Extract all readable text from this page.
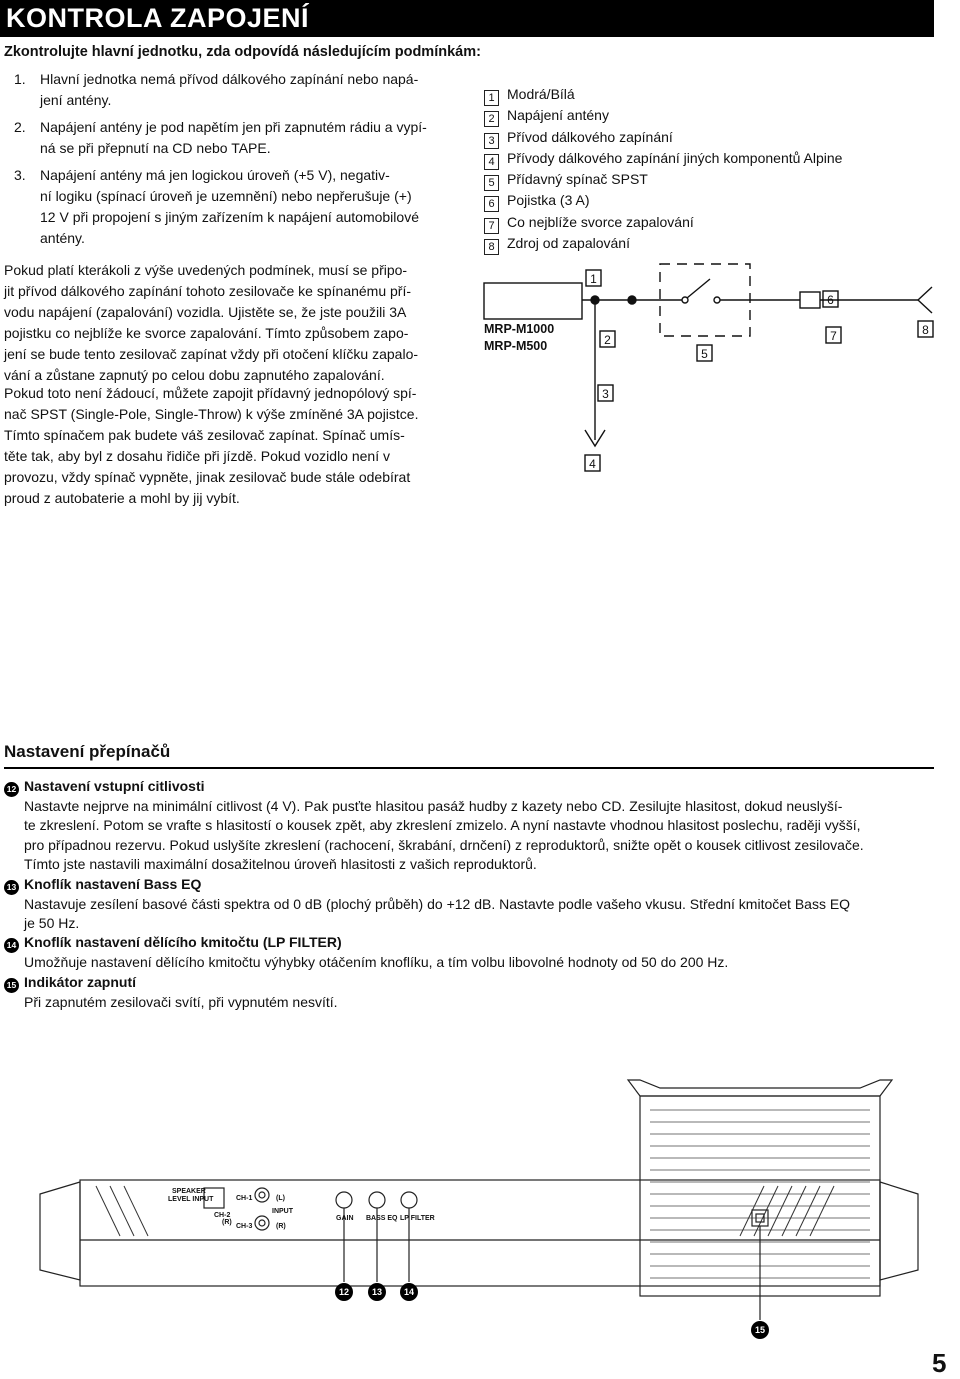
KONTROLA ZAPOJENÍ
Zkontrolujte hlavní jednotku, zda odpovídá následujícím podmínkám:
1. Hlavní jednotka nemá přívod dálkového zapínání nebo napá-
jení antény.
2. Napájení antény je pod napětím jen při zapnutém rádiu a vypí-
ná se při přepnutí na CD nebo TAPE.
3. Napájení antény má jen logickou úroveň (+5 V), negativ-
ní logiku (spínací úroveň je uzemnění) nebo nepřerušuje (+)
12 V při propojení s jiným zařízením k napájení automobilové
antény.
Pokud platí kterákoli z výše uvedených podmínek, musí se připo-
jit přívod dálkového zapínání tohoto zesilovače ke spínanému pří-
vodu napájení (zapalování) vozidla. Ujistěte se, že jste použili 3A
pojistku co nejblíže ke svorce zapalování. Tímto způsobem zapo-
jení se bude tento zesilovač zapínat vždy při otočení klíčku zapalo-
vání a zůstane zapnutý po celou dobu zapnutého zapalování.
Pokud toto není žádoucí, můžete zapojit přídavný jednopólový spí-
nač SPST (Single-Pole, Single-Throw) k výše zmíněné 3A pojistce.
Tímto spínačem pak budete váš zesilovač zapínat. Spínač umís-
těte tak, aby byl z dosahu řidiče při jízdě. Pokud vozidlo není v
provozu, vždy spínač vypněte, jinak zesilovač bude stále odebírat
proud z autobaterie a mohl by jij vybít.
1 Modrá/Bílá
2 Napájení antény
3 Přívod dálkového zapínání
4 Přívody dálkového zapínání jiných komponentů Alpine
5 Přídavný spínač SPST
6 Pojistka (3 A)
7 Co nejblíže svorce zapalování
8 Zdroj od zapalování
1
2
3
4
5
6
7	8
MRP-M1000
MRP-M500
Nastavení přepínačů
12 Nastavení vstupní citlivosti
Nastavte nejprve na minimální citlivost (4 V). Pak pusťte hlasitou pasáž hudby z kazety nebo CD. Zesilujte hlasitost, dokud neuslyší-
te zkreslení. Potom se vrafte s hlasitostí o kousek zpět, aby zkreslení zmizelo. A nyní nastavte vhodnou hlasitost poslechu, raději vyšší,
pro případnou rezervu. Pokud uslyšíte zkreslení (rachocení, škrabání, drnčení) z reproduktorů, snižte opět o kousek citlivost zesilovače.
Tímto jste nastavili maximální dosažitelnou úroveň hlasitosti z vašich reproduktorů.
13 Knoflík nastavení Bass EQ
Nastavuje zesílení basové části spektra od 0 dB (plochý průběh) do +12 dB. Nastavte podle vašeho vkusu. Střední kmitočet Bass EQ
je 50 Hz.
14 Knoflík nastavení dělícího kmitočtu (LP FILTER)
Umožňuje nastavení dělícího kmitočtu výhybky otáčením knoflíku, a tím volbu libovolné hodnoty od 50 do 200 Hz.
15 Indikátor zapnutí
Při zapnutém zesilovači svítí, při vypnutém nesvítí.
SPEAKER
LEVEL INPUT	CH-1
CH-2
CH-3
(L)
(R)
(R)
INPUT
GAIN BASS EQ LP FILTER
12	13 14
15
5
